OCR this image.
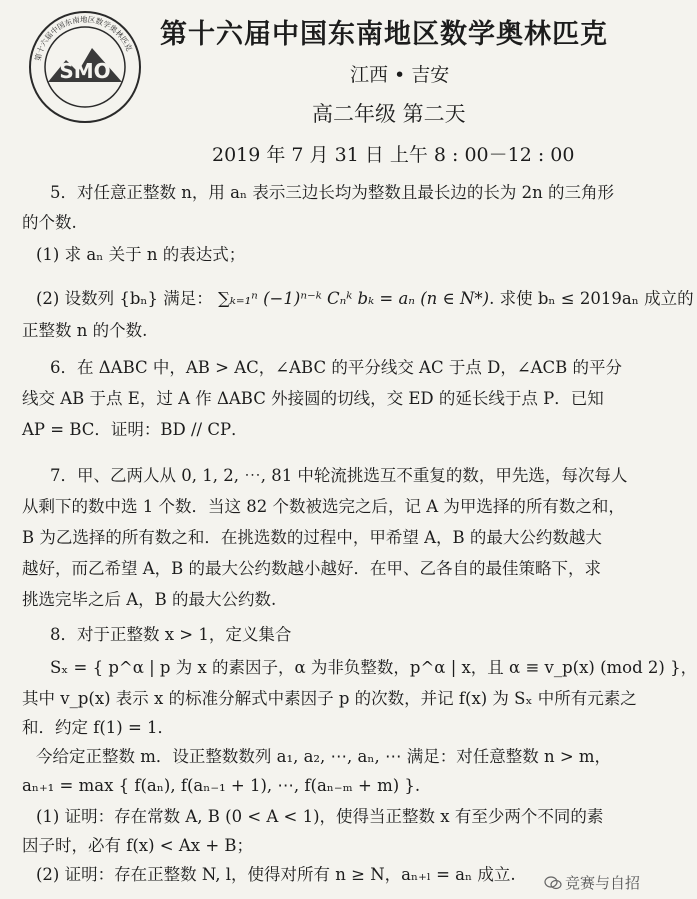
SMO
第十六届中国东南地区数学奥林匹克 第十六届中国东南地区数学奥林匹克
江西 • 吉安
高二年级 第二天
2019 年 7 月 31 日 上午 8 : 00－12 : 00
5．对任意正整数 n，用 aₙ 表示三边长均为整数且最长边的长为 2n 的三角形
的个数.
(1) 求 aₙ 关于 n 的表达式；
(2) 设数列 {bₙ} 满足： ∑ₖ₌₁ⁿ (−1)ⁿ⁻ᵏ Cₙᵏ bₖ = aₙ (n ∈ N*). 求使 bₙ ≤ 2019aₙ 成立的
正整数 n 的个数.
6．在 ΔABC 中，AB > AC，∠ABC 的平分线交 AC 于点 D，∠ACB 的平分
线交 AB 于点 E，过 A 作 ΔABC 外接圆的切线，交 ED 的延长线于点 P．已知
AP = BC．证明：BD // CP．
7．甲、乙两人从 0, 1, 2, ⋯, 81 中轮流挑选互不重复的数，甲先选，每次每人
从剩下的数中选 1 个数．当这 82 个数被选完之后，记 A 为甲选择的所有数之和，
B 为乙选择的所有数之和．在挑选数的过程中，甲希望 A，B 的最大公约数越大
越好，而乙希望 A，B 的最大公约数越小越好．在甲、乙各自的最佳策略下，求
挑选完毕之后 A，B 的最大公约数.
8．对于正整数 x > 1，定义集合
Sₓ = { p^α | p 为 x 的素因子，α 为非负整数，p^α | x，且 α ≡ v_p(x) (mod 2) }，
其中 v_p(x) 表示 x 的标准分解式中素因子 p 的次数，并记 f(x) 为 Sₓ 中所有元素之
和．约定 f(1) = 1．
今给定正整数 m．设正整数数列 a₁, a₂, ⋯, aₙ, ⋯ 满足：对任意整数 n > m，
aₙ₊₁ = max { f(aₙ), f(aₙ₋₁ + 1), ⋯, f(aₙ₋ₘ + m) }.
(1) 证明：存在常数 A, B (0 < A < 1)，使得当正整数 x 有至少两个不同的素
因子时，必有 f(x) < Ax + B；
(2) 证明：存在正整数 N, l，使得对所有 n ≥ N，aₙ₊ₗ = aₙ 成立.	竞赛与自招
